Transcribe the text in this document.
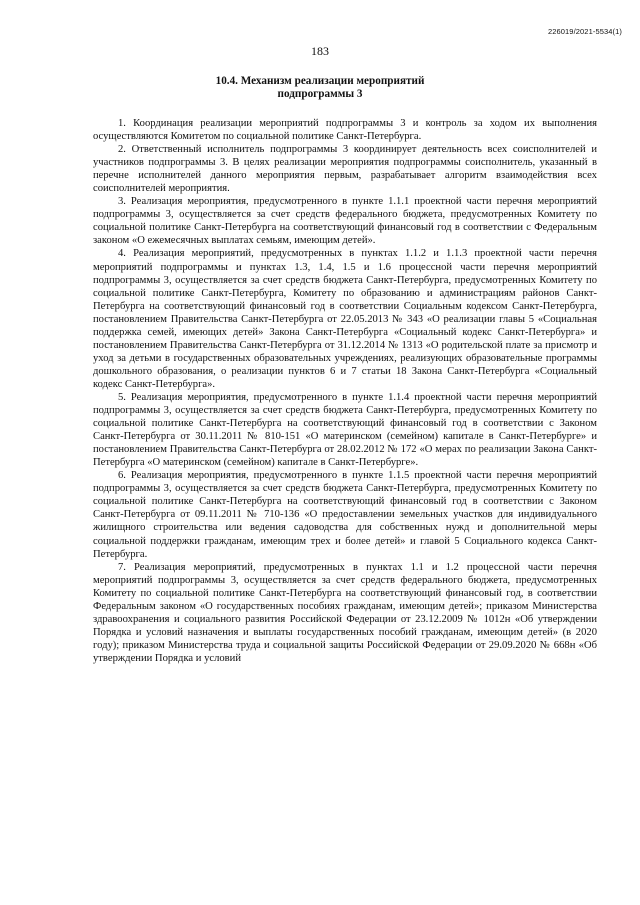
226019/2021-5534(1)
183
10.4. Механизм реализации мероприятий
подпрограммы 3

1. Координация реализации мероприятий подпрограммы 3 и контроль за ходом их выполнения осуществляются Комитетом по социальной политике Санкт-Петербурга.

2. Ответственный исполнитель подпрограммы 3 координирует деятельность всех соисполнителей и участников подпрограммы 3. В целях реализации мероприятия подпрограммы соисполнитель, указанный в перечне исполнителей данного мероприятия первым, разрабатывает алгоритм взаимодействия всех соисполнителей мероприятия.

3. Реализация мероприятия, предусмотренного в пункте 1.1.1 проектной части перечня мероприятий подпрограммы 3, осуществляется за счет средств федерального бюджета, предусмотренных Комитету по социальной политике Санкт-Петербурга на соответствующий финансовый год в соответствии с Федеральным законом «О ежемесячных выплатах семьям, имеющим детей».

4. Реализация мероприятий, предусмотренных в пунктах 1.1.2 и 1.1.3 проектной части перечня мероприятий подпрограммы и пунктах 1.3, 1.4, 1.5 и 1.6 процессной части перечня мероприятий подпрограммы 3, осуществляется за счет средств бюджета Санкт-Петербурга, предусмотренных Комитету по социальной политике Санкт-Петербурга, Комитету по образованию и администрациям районов Санкт-Петербурга на соответствующий финансовый год в соответствии Социальным кодексом Санкт-Петербурга, постановлением Правительства Санкт-Петербурга от 22.05.2013 № 343 «О реализации главы 5 «Социальная поддержка семей, имеющих детей» Закона Санкт-Петербурга «Социальный кодекс Санкт-Петербурга» и постановлением Правительства Санкт-Петербурга от 31.12.2014 № 1313 «О родительской плате за присмотр и уход за детьми в государственных образовательных учреждениях, реализующих образовательные программы дошкольного образования, о реализации пунктов 6 и 7 статьи 18 Закона Санкт-Петербурга «Социальный кодекс Санкт-Петербурга».

5. Реализация мероприятия, предусмотренного в пункте 1.1.4 проектной части перечня мероприятий подпрограммы 3, осуществляется за счет средств бюджета Санкт-Петербурга, предусмотренных Комитету по социальной политике Санкт-Петербурга на соответствующий финансовый год в соответствии с Законом Санкт-Петербурга от 30.11.2011 № 810-151 «О материнском (семейном) капитале в Санкт-Петербурге» и постановлением Правительства Санкт-Петербурга от 28.02.2012 № 172 «О мерах по реализации Закона Санкт-Петербурга «О материнском (семейном) капитале в Санкт-Петербурге».

6. Реализация мероприятия, предусмотренного в пункте 1.1.5 проектной части перечня мероприятий подпрограммы 3, осуществляется за счет средств бюджета Санкт-Петербурга, предусмотренных Комитету по социальной политике Санкт-Петербурга на соответствующий финансовый год в соответствии с Законом Санкт-Петербурга от 09.11.2011 № 710-136 «О предоставлении земельных участков для индивидуального жилищного строительства или ведения садоводства для собственных нужд и дополнительной меры социальной поддержки гражданам, имеющим трех и более детей» и главой 5 Социального кодекса Санкт-Петербурга.

7. Реализация мероприятий, предусмотренных в пунктах 1.1 и 1.2 процессной части перечня мероприятий подпрограммы 3, осуществляется за счет средств федерального бюджета, предусмотренных Комитету по социальной политике Санкт-Петербурга на соответствующий финансовый год, в соответствии Федеральным законом «О государственных пособиях гражданам, имеющим детей»; приказом Министерства здравоохранения и социального развития Российской Федерации от 23.12.2009 № 1012н «Об утверждении Порядка и условий назначения и выплаты государственных пособий гражданам, имеющим детей» (в 2020 году); приказом Министерства труда и социальной защиты Российской Федерации от 29.09.2020 № 668н «Об утверждении Порядка и условий
